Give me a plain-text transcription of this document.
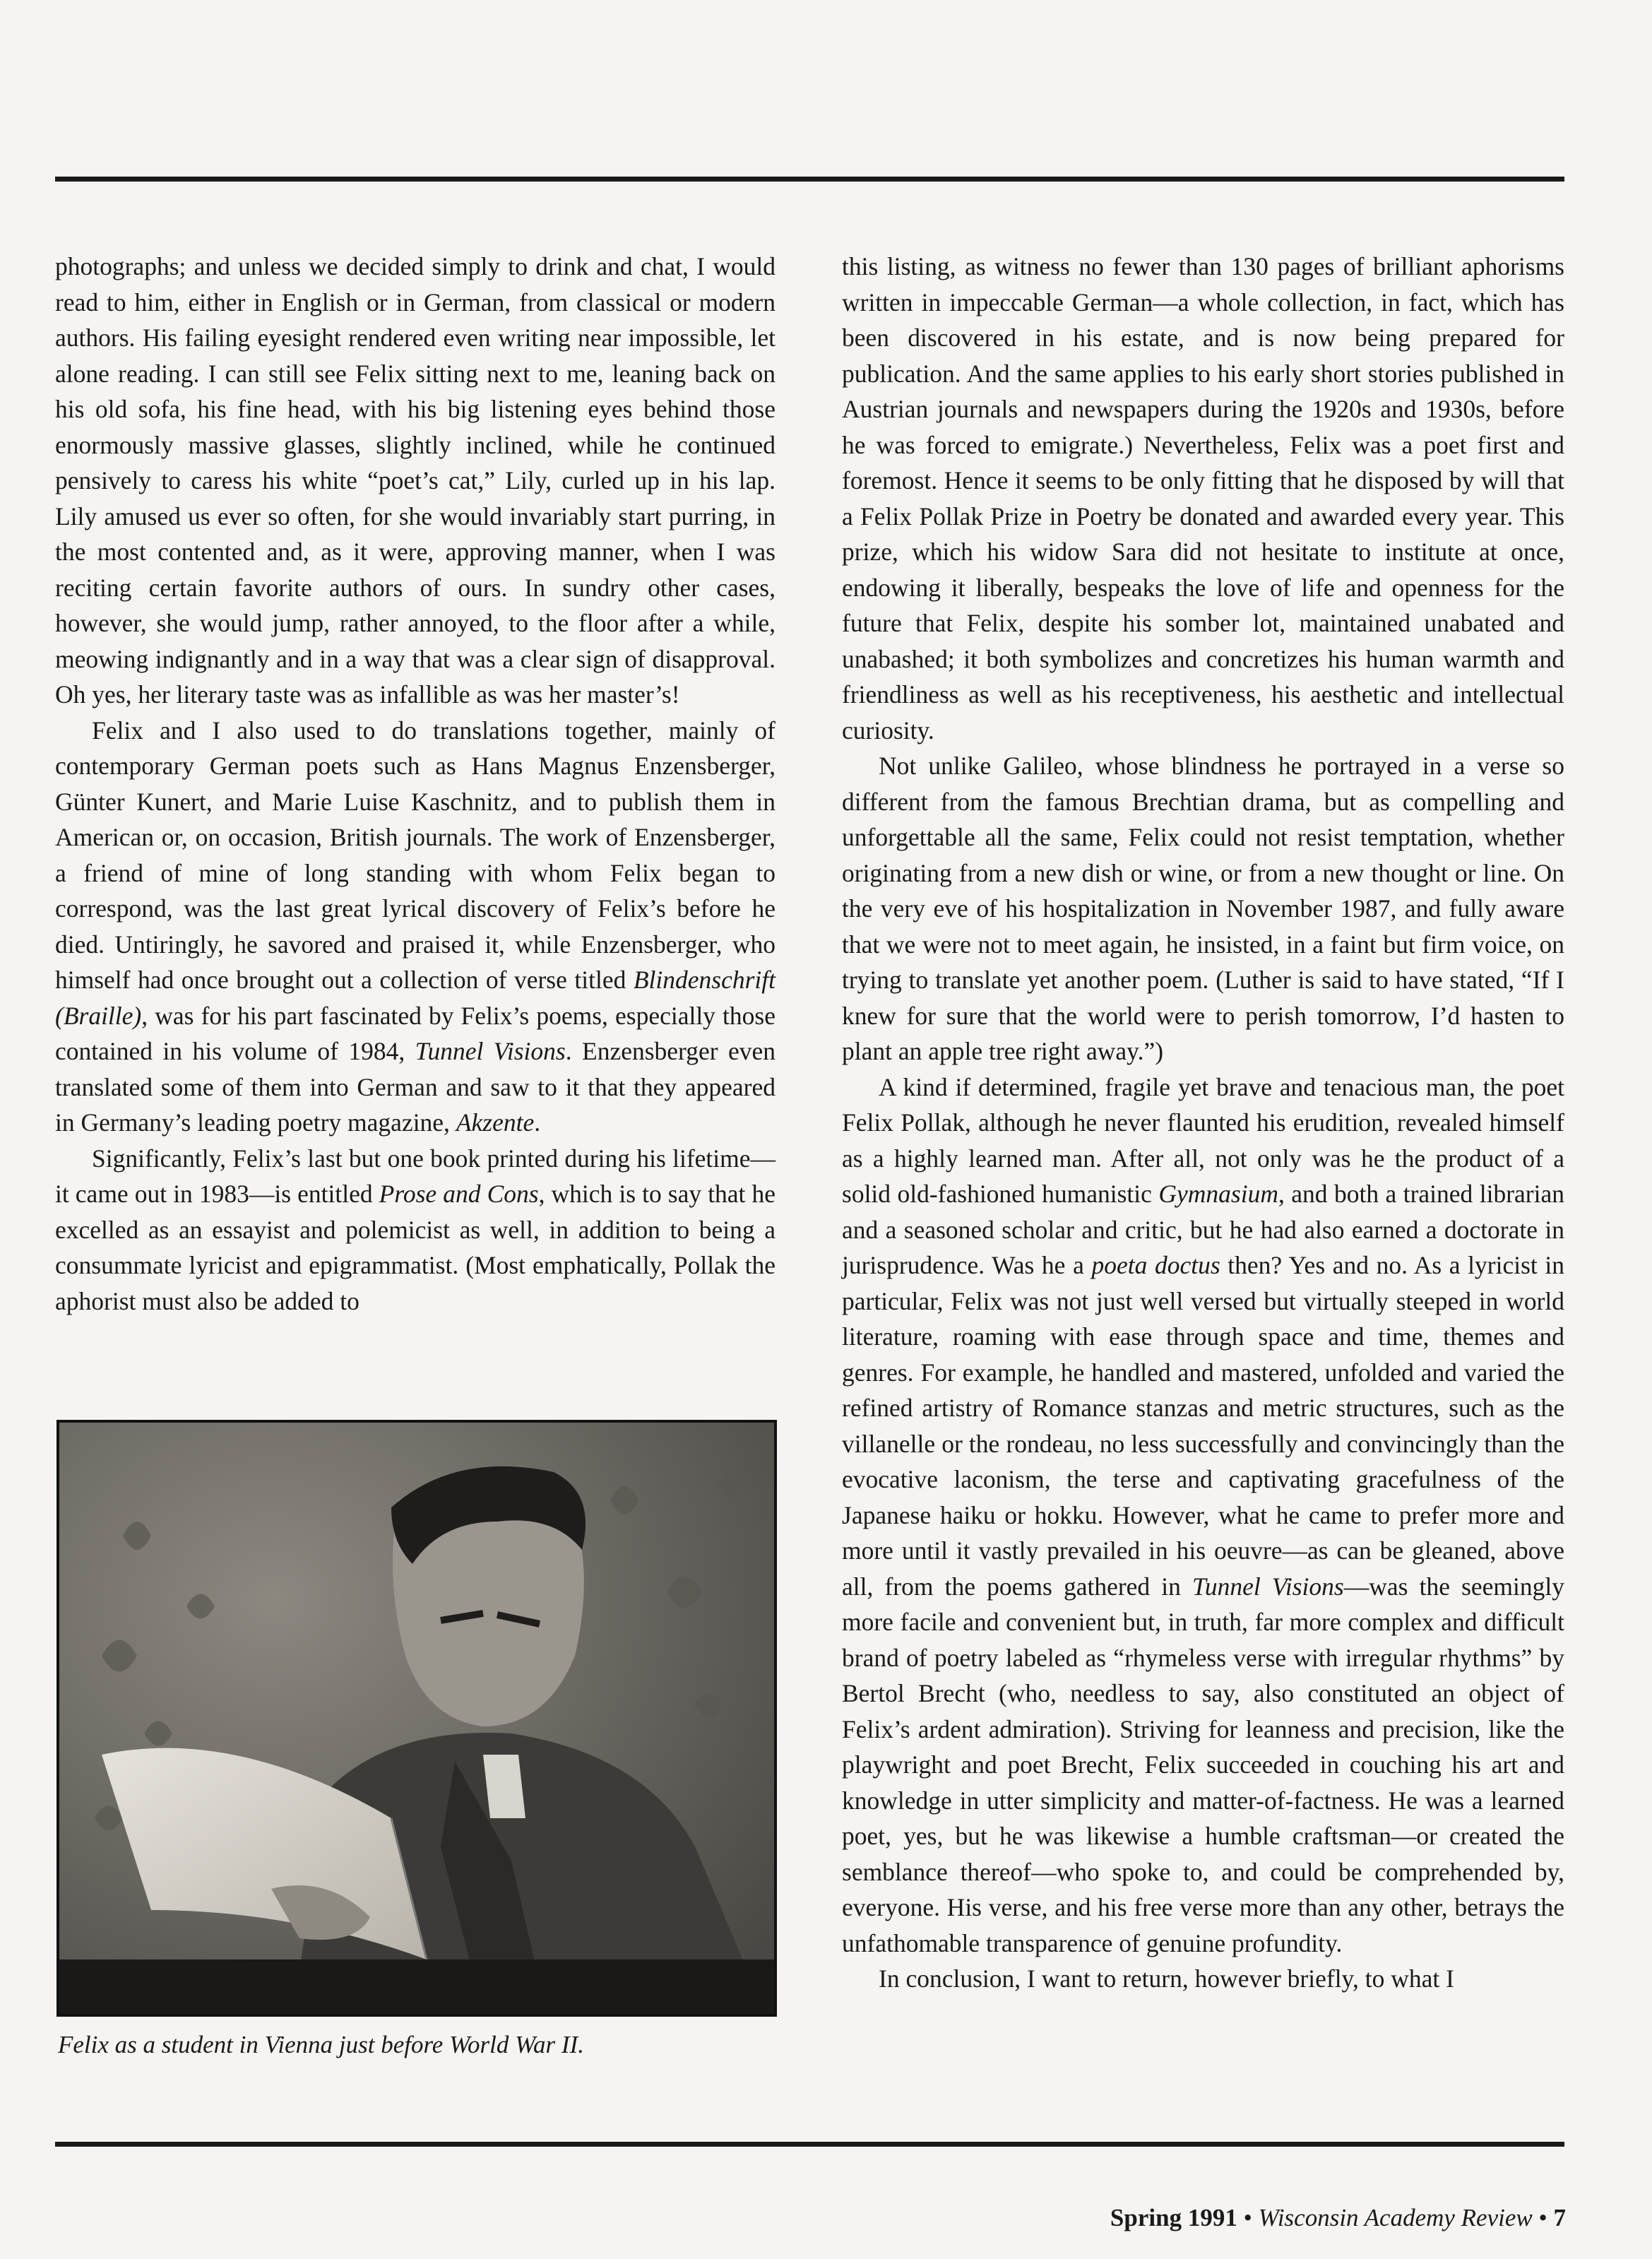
photographs; and unless we decided simply to drink and chat, I would read to him, either in English or in German, from classical or modern authors. His failing eyesight rendered even writing near impossible, let alone reading. I can still see Felix sitting next to me, leaning back on his old sofa, his fine head, with his big listening eyes behind those enormously massive glasses, slightly inclined, while he continued pensively to caress his white “poet’s cat,” Lily, curled up in his lap. Lily amused us ever so often, for she would invariably start purring, in the most contented and, as it were, approving manner, when I was reciting certain favorite authors of ours. In sundry other cases, however, she would jump, rather annoyed, to the floor after a while, meowing indignantly and in a way that was a clear sign of disapproval. Oh yes, her literary taste was as infallible as was her master’s!

Felix and I also used to do translations together, mainly of contemporary German poets such as Hans Magnus Enzensberger, Günter Kunert, and Marie Luise Kaschnitz, and to publish them in American or, on occasion, British journals. The work of Enzensberger, a friend of mine of long standing with whom Felix began to correspond, was the last great lyrical discovery of Felix’s before he died. Untiringly, he savored and praised it, while Enzensberger, who himself had once brought out a collection of verse titled Blindenschrift (Braille), was for his part fascinated by Felix’s poems, especially those contained in his volume of 1984, Tunnel Visions. Enzensberger even translated some of them into German and saw to it that they appeared in Germany’s leading poetry magazine, Akzente.

Significantly, Felix’s last but one book printed during his lifetime—it came out in 1983—is entitled Prose and Cons, which is to say that he excelled as an essayist and polemicist as well, in addition to being a consummate lyricist and epigrammatist. (Most emphatically, Pollak the aphorist must also be added to

Felix as a student in Vienna just before World War II.

this listing, as witness no fewer than 130 pages of brilliant aphorisms written in impeccable German—a whole collection, in fact, which has been discovered in his estate, and is now being prepared for publication. And the same applies to his early short stories published in Austrian journals and newspapers during the 1920s and 1930s, before he was forced to emigrate.) Nevertheless, Felix was a poet first and foremost. Hence it seems to be only fitting that he disposed by will that a Felix Pollak Prize in Poetry be donated and awarded every year. This prize, which his widow Sara did not hesitate to institute at once, endowing it liberally, bespeaks the love of life and openness for the future that Felix, despite his somber lot, maintained unabated and unabashed; it both symbolizes and concretizes his human warmth and friendliness as well as his receptiveness, his aesthetic and intellectual curiosity.

Not unlike Galileo, whose blindness he portrayed in a verse so different from the famous Brechtian drama, but as compelling and unforgettable all the same, Felix could not resist temptation, whether originating from a new dish or wine, or from a new thought or line. On the very eve of his hospitalization in November 1987, and fully aware that we were not to meet again, he insisted, in a faint but firm voice, on trying to translate yet another poem. (Luther is said to have stated, “If I knew for sure that the world were to perish tomorrow, I’d hasten to plant an apple tree right away.”)

A kind if determined, fragile yet brave and tenacious man, the poet Felix Pollak, although he never flaunted his erudition, revealed himself as a highly learned man. After all, not only was he the product of a solid old-fashioned humanistic Gymnasium, and both a trained librarian and a seasoned scholar and critic, but he had also earned a doctorate in jurisprudence. Was he a poeta doctus then? Yes and no. As a lyricist in particular, Felix was not just well versed but virtually steeped in world literature, roaming with ease through space and time, themes and genres. For example, he handled and mastered, unfolded and varied the refined artistry of Romance stanzas and metric structures, such as the villanelle or the rondeau, no less successfully and convincingly than the evocative laconism, the terse and captivating gracefulness of the Japanese haiku or hokku. However, what he came to prefer more and more until it vastly prevailed in his oeuvre—as can be gleaned, above all, from the poems gathered in Tunnel Visions—was the seemingly more facile and convenient but, in truth, far more complex and difficult brand of poetry labeled as “rhymeless verse with irregular rhythms” by Bertol Brecht (who, needless to say, also constituted an object of Felix’s ardent admiration). Striving for leanness and precision, like the playwright and poet Brecht, Felix succeeded in couching his art and knowledge in utter simplicity and matter-of-factness. He was a learned poet, yes, but he was likewise a humble craftsman—or created the semblance thereof—who spoke to, and could be comprehended by, everyone. His verse, and his free verse more than any other, betrays the unfathomable transparence of genuine profundity.

In conclusion, I want to return, however briefly, to what I

Spring 1991 • Wisconsin Academy Review • 7
